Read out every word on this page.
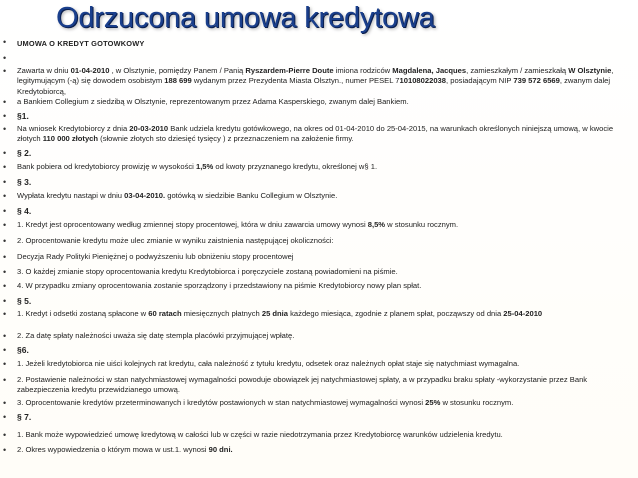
Odrzucona umowa kredytowa
• UMOWA O KREDYT GOTOWKOWY
•
• Zawarta w dniu 01-04-2010 , w Olsztynie, pomiędzy Panem / Panią Ryszardem-Pierre Doute imiona rodziców Magdalena, Jacques, zamieszkałym / zamieszkałą W Olsztynie, legitymującym (-ą) się dowodem osobistym 188 699 wydanym przez Prezydenta Miasta Olsztyn., numer PESEL 710108022038, posiadającym NIP 739 572 6569, zwanym dalej Kredytobiorcą,
• a Bankiem Collegium z siedzibą w Olsztynie, reprezentowanym przez Adama Kasperskiego, zwanym dalej Bankiem.
• §1.
• Na wniosek Kredytobiorcy z dnia 20-03-2010 Bank udziela kredytu gotówkowego, na okres od 01-04-2010 do 25-04-2015, na warunkach określonych niniejszą umową, w kwocie złotych 110 000 złotych (słownie złotych sto dziesięć tysięcy ) z przeznaczeniem na założenie firmy.
• § 2.
• Bank pobiera od kredytobiorcy prowizję w wysokości 1,5% od kwoty przyznanego kredytu, określonej w§ 1.
• § 3.
• Wypłata kredytu nastąpi w dniu 03-04-2010. gotówką w siedzibie Banku Collegium w Olsztynie.
• § 4.
• 1. Kredyt jest oprocentowany według zmiennej stopy procentowej, która w dniu zawarcia umowy wynosi 8,5% w stosunku rocznym.
• 2. Oprocentowanie kredytu może ulec zmianie w wyniku zaistnienia następującej okoliczności:
• Decyzja Rady Polityki Pieniężnej o podwyższeniu lub obniżeniu stopy procentowej
• 3. O każdej zmianie stopy oprocentowania kredytu Kredytobiorca i poręczyciele zostaną powiadomieni na piśmie.
• 4. W przypadku zmiany oprocentowania zostanie sporządzony i przedstawiony na piśmie Kredytobiorcy nowy plan spłat.
• § 5.
• 1. Kredyt i odsetki zostaną spłacone w 60 ratach miesięcznych płatnych 25 dnia każdego miesiąca, zgodnie z planem spłat, począwszy od dnia 25-04-2010
• 2. Za datę spłaty należności uważa się datę stempla placówki przyjmującej wpłatę.
• §6.
• 1. Jeżeli kredytobiorca nie uiści kolejnych rat kredytu, cała należność z tytułu kredytu, odsetek oraz należnych opłat staje się natychmiast wymagalna.
• 2. Postawienie należności w stan natychmiastowej wymagalności powoduje obowiązek jej natychmiastowej spłaty, a w przypadku braku spłaty -wykorzystanie przez Bank zabezpieczenia kredytu przewidzianego umową.
• 3. Oprocentowanie kredytów przeterminowanych i kredytów postawionych w stan natychmiastowej wymagalności wynosi 25% w stosunku rocznym.
• § 7.
• 1. Bank może wypowiedzieć umowę kredytową w całości lub w części w razie niedotrzymania przez Kredytobiorcę warunków udzielenia kredytu.
• 2. Okres wypowiedzenia o którym mowa w ust.1. wynosi 90 dni.
